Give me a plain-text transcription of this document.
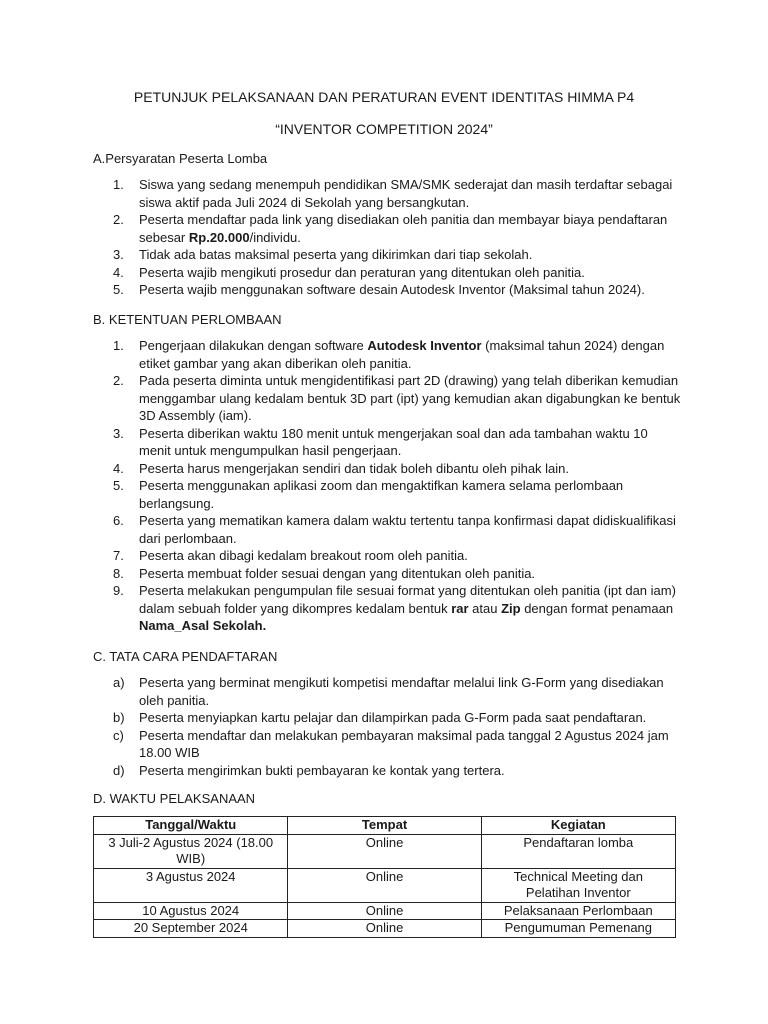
PETUNJUK PELAKSANAAN DAN PERATURAN EVENT IDENTITAS HIMMA P4
“INVENTOR COMPETITION 2024”
A.Persyaratan Peserta Lomba
1. Siswa yang sedang menempuh pendidikan SMA/SMK sederajat dan masih terdaftar sebagai siswa aktif pada Juli 2024 di Sekolah yang bersangkutan.
2. Peserta mendaftar pada link yang disediakan oleh panitia dan membayar biaya pendaftaran sebesar Rp.20.000/individu.
3. Tidak ada batas maksimal peserta yang dikirimkan dari tiap sekolah.
4. Peserta wajib mengikuti prosedur dan peraturan yang ditentukan oleh panitia.
5. Peserta wajib menggunakan software desain Autodesk Inventor (Maksimal tahun 2024).
B. KETENTUAN PERLOMBAAN
1. Pengerjaan dilakukan dengan software Autodesk Inventor (maksimal tahun 2024) dengan etiket gambar yang akan diberikan oleh panitia.
2. Pada peserta diminta untuk mengidentifikasi part 2D (drawing) yang telah diberikan kemudian menggambar ulang kedalam bentuk 3D part (ipt) yang kemudian akan digabungkan ke bentuk 3D Assembly (iam).
3. Peserta diberikan waktu 180 menit untuk mengerjakan soal dan ada tambahan waktu 10 menit untuk mengumpulkan hasil pengerjaan.
4. Peserta harus mengerjakan sendiri dan tidak boleh dibantu oleh pihak lain.
5. Peserta menggunakan aplikasi zoom dan mengaktifkan kamera selama perlombaan berlangsung.
6. Peserta yang mematikan kamera dalam waktu tertentu tanpa konfirmasi dapat didiskualifikasi dari perlombaan.
7. Peserta akan dibagi kedalam breakout room oleh panitia.
8. Peserta membuat folder sesuai dengan yang ditentukan oleh panitia.
9. Peserta melakukan pengumpulan file sesuai format yang ditentukan oleh panitia (ipt dan iam) dalam sebuah folder yang dikompres kedalam bentuk rar atau Zip dengan format penamaan Nama_Asal Sekolah.
C. TATA CARA PENDAFTARAN
a) Peserta yang berminat mengikuti kompetisi mendaftar melalui link G-Form yang disediakan oleh panitia.
b) Peserta menyiapkan kartu pelajar dan dilampirkan pada G-Form pada saat pendaftaran.
c) Peserta mendaftar dan melakukan pembayaran maksimal pada tanggal 2 Agustus 2024 jam 18.00 WIB
d) Peserta mengirimkan bukti pembayaran ke kontak yang tertera.
D. WAKTU PELAKSANAAN
Tanggal/Waktu	Tempat	Kegiatan
3 Juli-2 Agustus 2024 (18.00 WIB)	Online	Pendaftaran lomba
3 Agustus 2024	Online	Technical Meeting dan Pelatihan Inventor
10 Agustus 2024	Online	Pelaksanaan Perlombaan
20 September 2024	Online	Pengumuman Pemenang
